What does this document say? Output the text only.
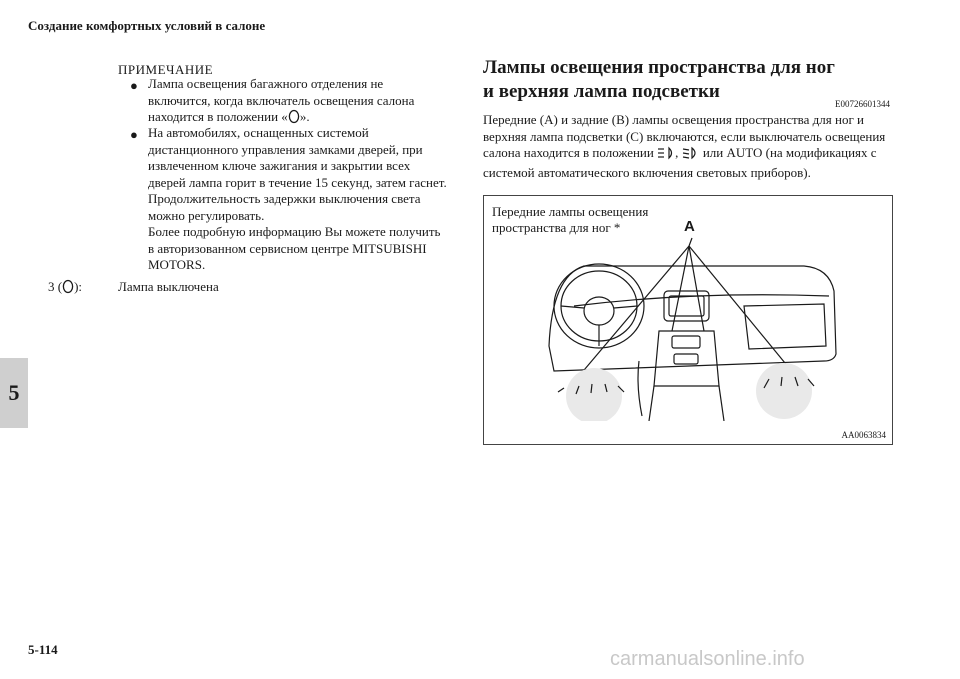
Создание комфортных условий в салоне
5
5-114
ПРИМЕЧАНИЕ
● Лампа освещения багажного отделения не включится, когда включатель освещения салона находится в положении « ».
● На автомобилях, оснащенных системой дистанционного управления замками дверей, при извлеченном ключе зажигания и закрытии всех дверей лампа горит в течение 15 секунд, затем гаснет.
Продолжительность задержки выключения света можно регулировать.
Более подробную информацию Вы можете получить в авторизованном сервисном центре MITSUBISHI MOTORS.
3 ( ):	Лампа выключена
Лампы освещения пространства для ног
и верхняя лампа подсветки
E00726601344
Передние (A) и задние (B) лампы освещения пространства для ног и верхняя лампа подсветки (C) включаются, если выключатель освещения салона находится в положении , или AUTO (на модификациях с системой автоматического включения световых приборов).
Передние лампы освещения пространства для ног *	A
AA0063834
carmanualsonline.info
